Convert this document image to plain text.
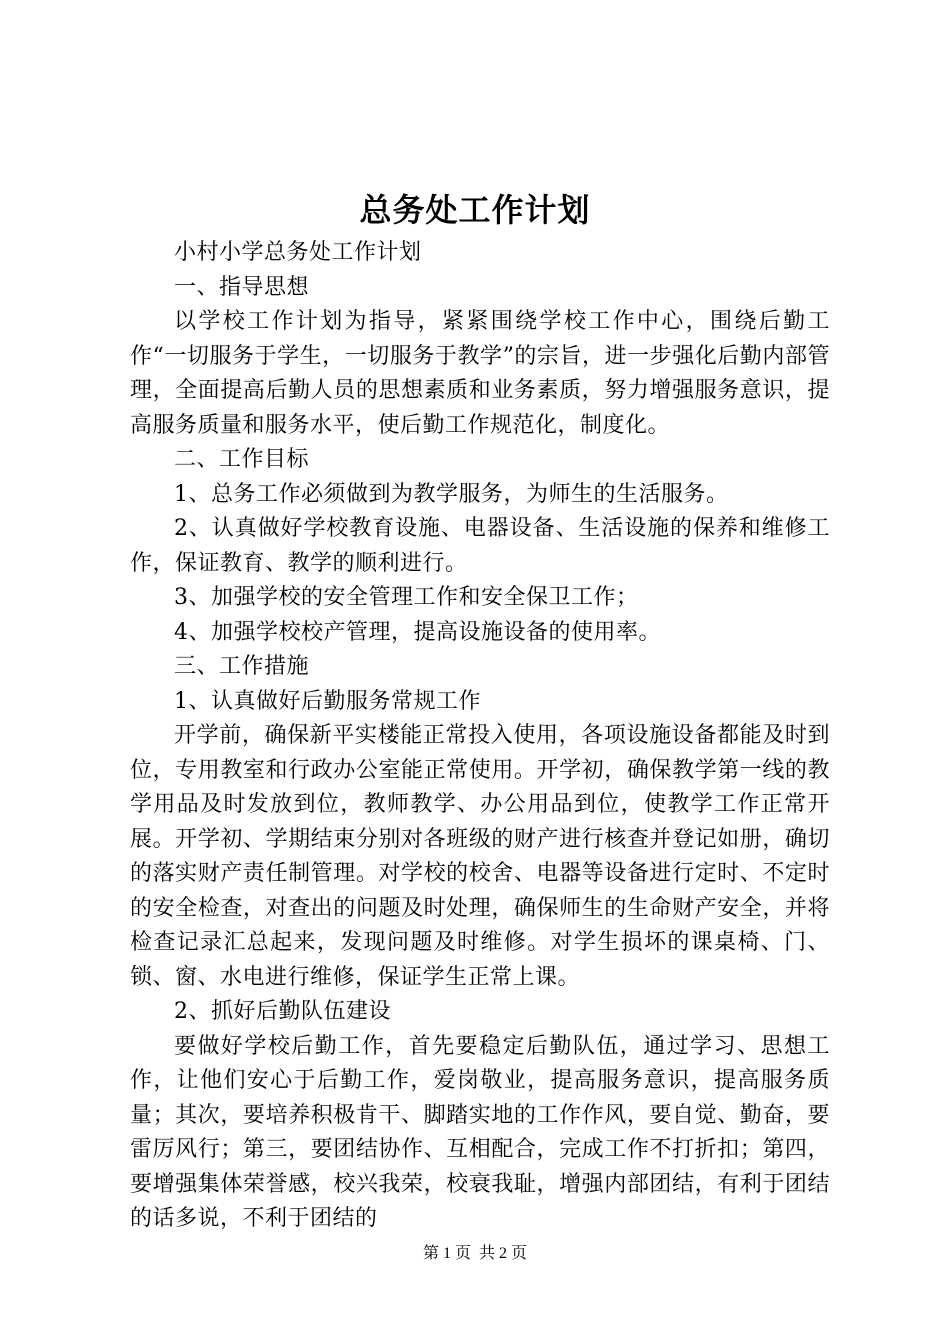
总务处工作计划

小村小学总务处工作计划

一、指导思想

以学校工作计划为指导，紧紧围绕学校工作中心，围绕后勤工作“一切服务于学生，一切服务于教学”的宗旨，进一步强化后勤内部管理，全面提高后勤人员的思想素质和业务素质，努力增强服务意识，提高服务质量和服务水平，使后勤工作规范化，制度化。

二、工作目标

1、总务工作必须做到为教学服务，为师生的生活服务。

2、认真做好学校教育设施、电器设备、生活设施的保养和维修工作，保证教育、教学的顺利进行。

3、加强学校的安全管理工作和安全保卫工作；

4、加强学校校产管理，提高设施设备的使用率。

三、工作措施

1、认真做好后勤服务常规工作

开学前，确保新平实楼能正常投入使用，各项设施设备都能及时到位，专用教室和行政办公室能正常使用。开学初，确保教学第一线的教学用品及时发放到位，教师教学、办公用品到位，使教学工作正常开展。开学初、学期结束分别对各班级的财产进行核查并登记如册，确切的落实财产责任制管理。对学校的校舍、电器等设备进行定时、不定时的安全检查，对查出的问题及时处理，确保师生的生命财产安全，并将检查记录汇总起来，发现问题及时维修。对学生损坏的课桌椅、门、锁、窗、水电进行维修，保证学生正常上课。

2、抓好后勤队伍建设

要做好学校后勤工作，首先要稳定后勤队伍，通过学习、思想工作，让他们安心于后勤工作，爱岗敬业，提高服务意识，提高服务质量；其次，要培养积极肯干、脚踏实地的工作作风，要自觉、勤奋，要雷厉风行；第三，要团结协作、互相配合，完成工作不打折扣；第四，要增强集体荣誉感，校兴我荣，校衰我耻，增强内部团结，有利于团结的话多说，不利于团结的

第 1 页  共 2 页
